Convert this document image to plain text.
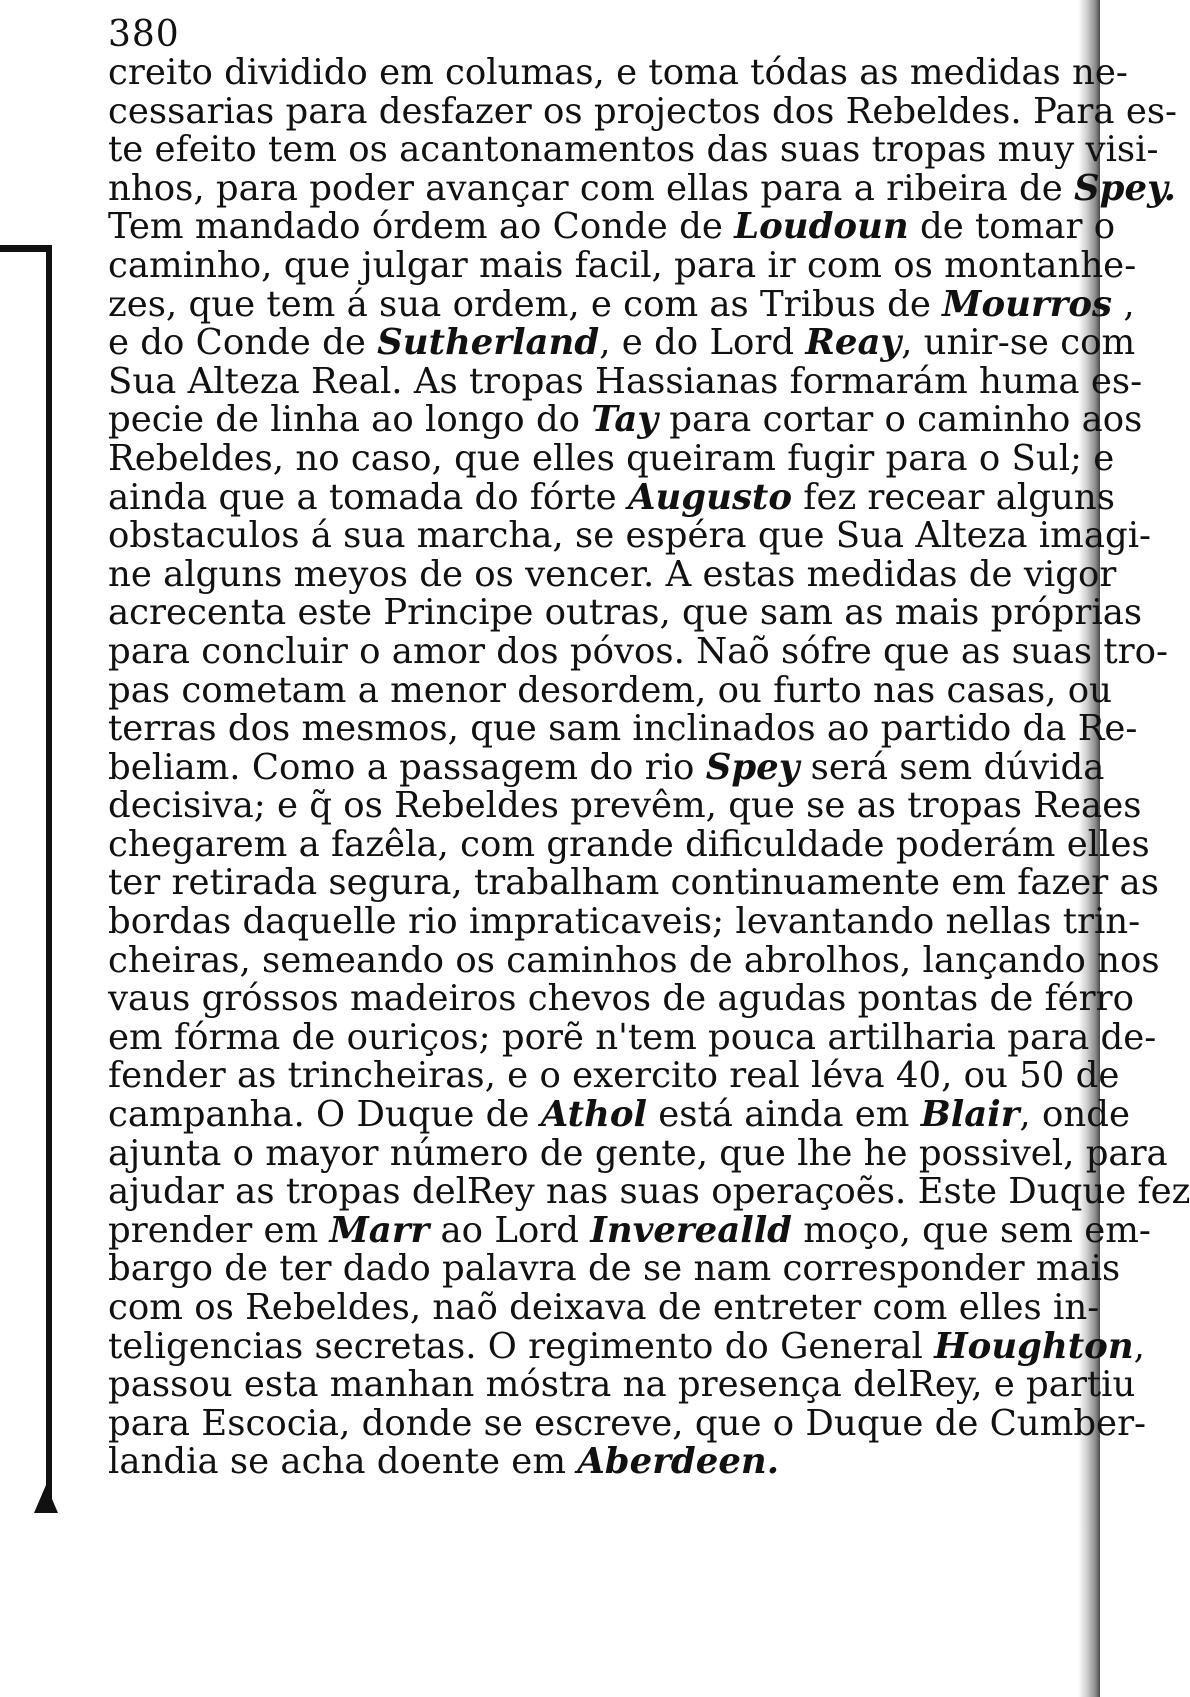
380
creito dividido em columas, e toma tódas as medidas ne-
cessarias para desfazer os projectos dos Rebeldes. Para es-
te efeito tem os acantonamentos das suas tropas muy visi-
nhos, para poder avançar com ellas para a ribeira de Spey.
Tem mandado órdem ao Conde de Loudoun de tomar o
caminho, que julgar mais facil, para ir com os montanhe-
zes, que tem á sua ordem, e com as Tribus de Mourros ,
e do Conde de Sutherland, e do Lord Reay, unir-se com
Sua Alteza Real. As tropas Hassianas formarám huma es-
pecie de linha ao longo do Tay para cortar o caminho aos
Rebeldes, no caso, que elles queiram fugir para o Sul; e
ainda que a tomada do fórte Augusto fez recear alguns
obstaculos á sua marcha, se espéra que Sua Alteza imagi-
ne alguns meyos de os vencer. A estas medidas de vigor
acrecenta este Principe outras, que sam as mais próprias
para concluir o amor dos póvos. Naõ sófre que as suas tro-
pas cometam a menor desordem, ou furto nas casas, ou
terras dos mesmos, que sam inclinados ao partido da Re-
beliam. Como a passagem do rio Spey será sem dúvida
decisiva; e q̃ os Rebeldes prevêm, que se as tropas Reaes
chegarem a fazêla, com grande dificuldade poderám elles
ter retirada segura, trabalham continuamente em fazer as
bordas daquelle rio impraticaveis; levantando nellas trin-
cheiras, semeando os caminhos de abrolhos, lançando nos
vaus gróssos madeiros chevos de agudas pontas de férro
em fórma de ouriços; porẽ n'tem pouca artilharia para de-
fender as trincheiras, e o exercito real léva 40, ou 50 de
campanha. O Duque de Athol está ainda em Blair, onde
ajunta o mayor número de gente, que lhe he possivel, para
ajudar as tropas delRey nas suas operaçoẽs. Este Duque fez
prender em Marr ao Lord Inverealld moço, que sem em-
bargo de ter dado palavra de se nam corresponder mais
com os Rebeldes, naõ deixava de entreter com elles in-
teligencias secretas. O regimento do General Houghton,
passou esta manhan móstra na presença delRey, e partiu
para Escocia, donde se escreve, que o Duque de Cumber-
landia se acha doente em Aberdeen.
